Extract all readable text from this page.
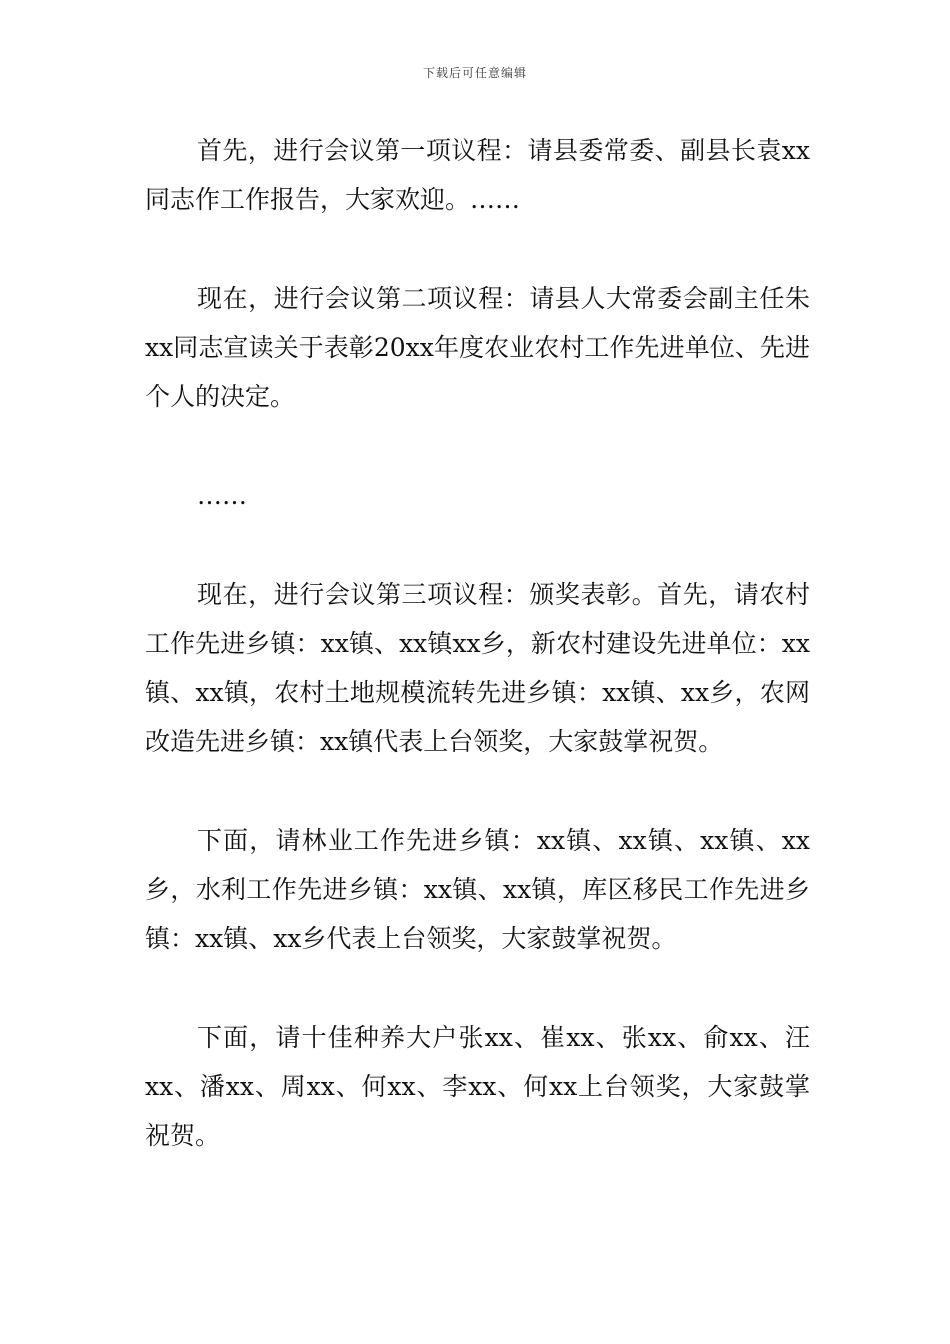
下载后可任意编辑

首先，进行会议第一项议程：请县委常委、副县长袁xx同志作工作报告，大家欢迎。……

现在，进行会议第二项议程：请县人大常委会副主任朱xx同志宣读关于表彰20xx年度农业农村工作先进单位、先进个人的决定。

……

现在，进行会议第三项议程：颁奖表彰。首先，请农村工作先进乡镇：xx镇、xx镇xx乡，新农村建设先进单位：xx镇、xx镇，农村土地规模流转先进乡镇：xx镇、xx乡，农网改造先进乡镇：xx镇代表上台领奖，大家鼓掌祝贺。

下面，请林业工作先进乡镇：xx镇、xx镇、xx镇、xx乡，水利工作先进乡镇：xx镇、xx镇，库区移民工作先进乡镇：xx镇、xx乡代表上台领奖，大家鼓掌祝贺。

下面，请十佳种养大户张xx、崔xx、张xx、俞xx、汪xx、潘xx、周xx、何xx、李xx、何xx上台领奖，大家鼓掌祝贺。
